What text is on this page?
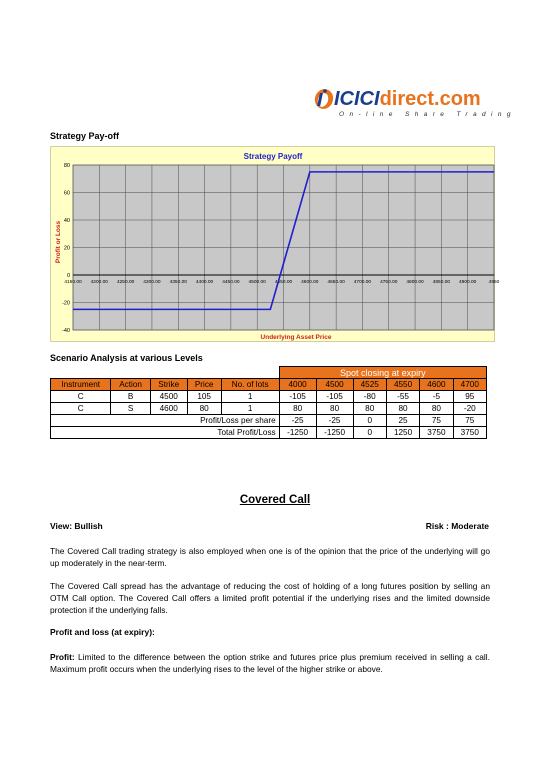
ICICIdirect.com
On-line Share Trading
Strategy Pay-off
Strategy Payoff
Profit or Loss
Underlying Asset Price
80
60
40
20
0
-20
-40
4150.00 4200.00 4250.00 4300.00 4350.00 4400.00 4450.00 4500.00 4550.00 4600.00 4650.00 4700.00 4750.00 4800.00 4850.00 4900.00	4950
Scenario Analysis at various Levels
					Spot closing at expiry					
Instrument	Action	Strike	Price	No. of lots	4000	4500	4525	4550	4600	4700
C	B	4500	105	1	-105	-105	-80	-55	-5	95
C	S	4600	80	1	80	80	80	80	80	-20
Profit/Loss per share					-25	-25	0	25	75	75
Total Profit/Loss					-1250	-1250	0	1250	3750	3750
Covered Call
View: Bullish	Risk : Moderate

The Covered Call trading strategy is also employed when one is of the opinion that the price of the underlying will go up moderately in the near-term.

The Covered Call spread has the advantage of reducing the cost of holding of a long futures position by selling an OTM Call option. The Covered Call offers a limited profit potential if the underlying rises and the limited downside protection if the underlying falls.

Profit and loss (at expiry):

Profit: Limited to the difference between the option strike and futures price plus premium received in selling a call. Maximum profit occurs when the underlying rises to the level of the higher strike or above.
